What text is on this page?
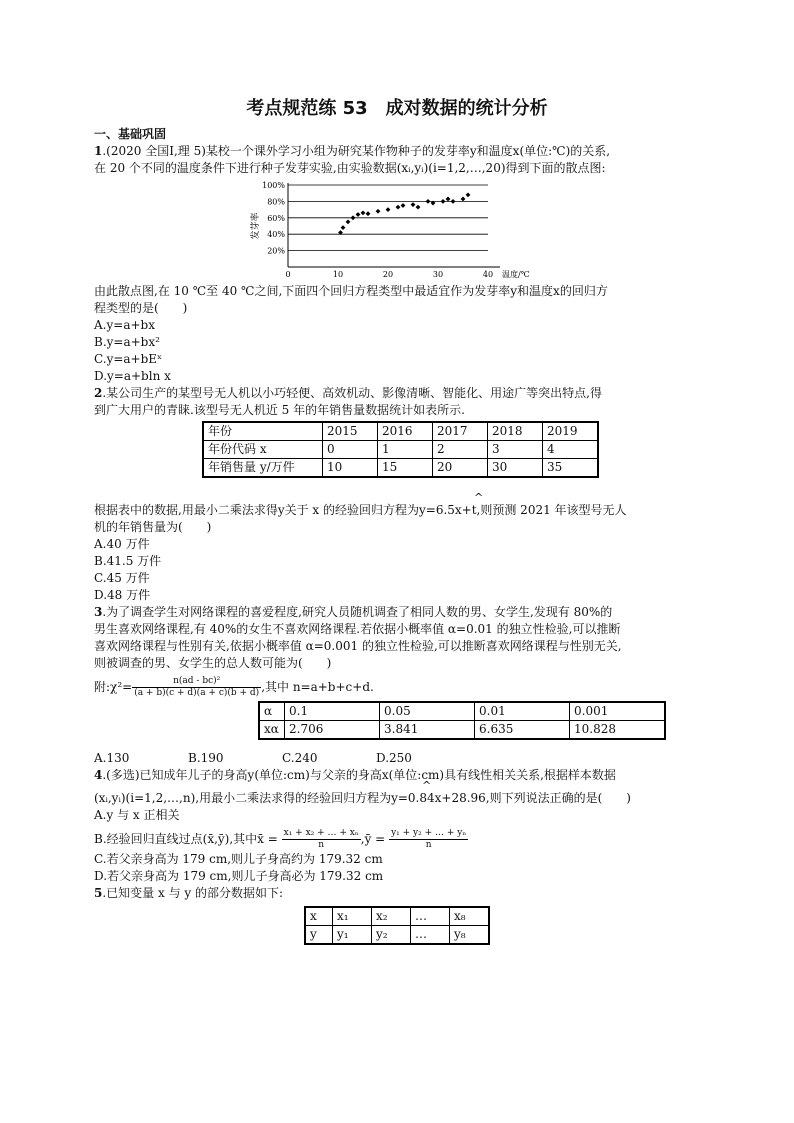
考点规范练 53　成对数据的统计分析

一、基础巩固

1.(2020 全国Ⅰ,理 5)某校一个课外学习小组为研究某作物种子的发芽率y和温度x(单位:℃)的关系,

在 20 个不同的温度条件下进行种子发芽实验,由实验数据(xᵢ,yᵢ)(i=1,2,…,20)得到下面的散点图:

20%
40%
60%
80%
100%
0	10	20	30	40 温度/℃
发芽率

由此散点图,在 10 ℃至 40 ℃之间,下面四个回归方程类型中最适宜作为发芽率y和温度x的回归方

程类型的是(　　)

A.y=a+bx

B.y=a+bx²

C.y=a+bEˣ

D.y=a+bln x

2.某公司生产的某型号无人机以小巧轻便、高效机动、影像清晰、智能化、用途广等突出特点,得

到广大用户的青睐.该型号无人机近 5 年的年销售量数据统计如表所示.

年份	2015	2016	2017	2018	2019
年份代码 x	0	1	2	3	4
年销售量 y/万件	10	15	20	30	35

^
根据表中的数据,用最小二乘法求得y关于 x 的经验回归方程为y=6.5x+t,则预测 2021 年该型号无人

机的年销售量为(　　)

A.40 万件

B.41.5 万件

C.45 万件

D.48 万件

3.为了调查学生对网络课程的喜爱程度,研究人员随机调查了相同人数的男、女学生,发现有 80%的

男生喜欢网络课程,有 40%的女生不喜欢网络课程.若依据小概率值 α=0.01 的独立性检验,可以推断

喜欢网络课程与性别有关,依据小概率值 α=0.001 的独立性检验,可以推断喜欢网络课程与性别无关,

则被调查的男、女学生的总人数可能为(　　)

附:χ²= $\frac{\text{n(ad - bc)²}}{(a + b)(c + d)(a + c)(b + d)}$ ,其中 n=a+b+c+d.

α	0.1	0.05	0.01	0.001
xα	2.706	3.841	6.635	10.828
A.130	B.190	C.240	D.250

4.(多选)已知成年儿子的身高y(单位:cm)与父亲的身高x(单位:cm)具有线性相关关系,根据样本数据

^
(xᵢ,yᵢ)(i=1,2,…,n),用最小二乘法求得的经验回归方程为y=0.84x+28.96,则下列说法正确的是(　　)

A.y 与 x 正相关

B.经验回归直线过点(x̄,ȳ),其中x̄ = $\frac{\text{x₁ + x₂ + … + xₙ}}{n}$ ,ȳ = $\frac{\text{y₁ + y₂ + … + yₙ}}{n}$

C.若父亲身高为 179 cm,则儿子身高约为 179.32 cm

D.若父亲身高为 179 cm,则儿子身高必为 179.32 cm

5.已知变量 x 与 y 的部分数据如下:

x	x₁	x₂	…	x₈
y	y₁	y₂	…	y₈
